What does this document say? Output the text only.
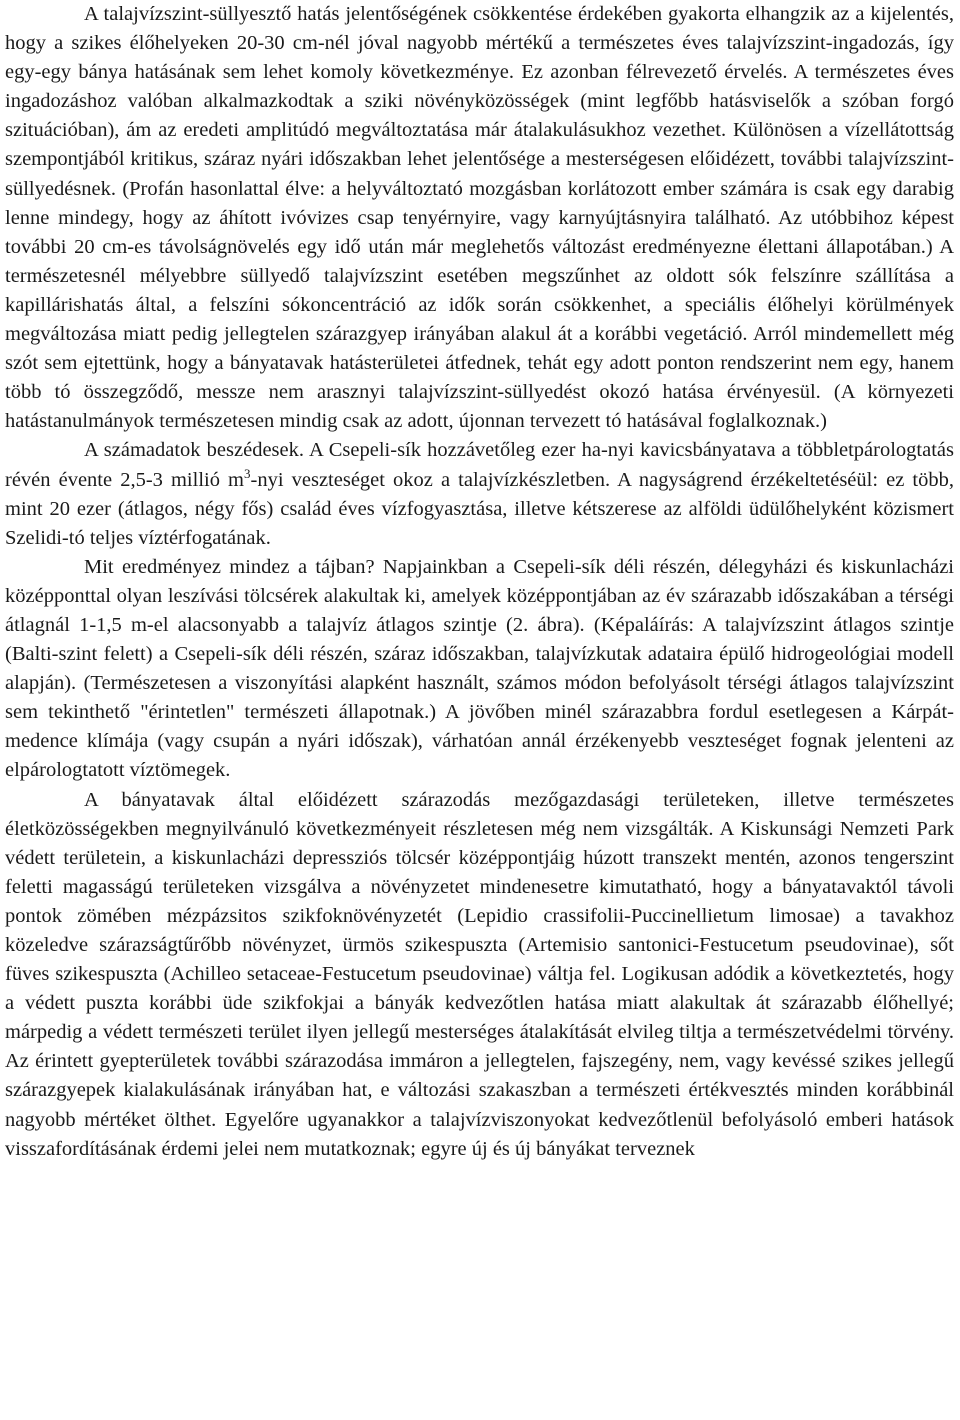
A talajvízszint-süllyesztő hatás jelentőségének csökkentése érdekében gyakorta elhangzik az a kijelentés, hogy a szikes élőhelyeken 20-30 cm-nél jóval nagyobb mértékű a természetes éves talajvízszint-ingadozás, így egy-egy bánya hatásának sem lehet komoly következménye. Ez azonban félrevezető érvelés. A természetes éves ingadozáshoz valóban alkalmazkodtak a sziki növényközösségek (mint legfőbb hatásviselők a szóban forgó szituációban), ám az eredeti amplitúdó megváltoztatása már átalakulásukhoz vezethet. Különösen a vízellátottság szempontjából kritikus, száraz nyári időszakban lehet jelentősége a mesterségesen előidézett, további talajvízszint-süllyedésnek. (Profán hasonlattal élve: a helyváltoztató mozgásban korlátozott ember számára is csak egy darabig lenne mindegy, hogy az áhított ivóvizes csap tenyérnyire, vagy karnyújtásnyira található. Az utóbbihoz képest további 20 cm-es távolságnövelés egy idő után már meglehetős változást eredményezne élettani állapotában.) A természetesnél mélyebbre süllyedő talajvízszint esetében megszűnhet az oldott sók felszínre szállítása a kapillárishatás által, a felszíni sókoncentráció az idők során csökkenhet, a speciális élőhelyi körülmények megváltozása miatt pedig jellegtelen szárazgyep irányában alakul át a korábbi vegetáció. Arról mindemellett még szót sem ejtettünk, hogy a bányatavak hatásterületei átfednek, tehát egy adott ponton rendszerint nem egy, hanem több tó összegződő, messze nem arasznyi talajvízszint-süllyedést okozó hatása érvényesül. (A környezeti hatástanulmányok természetesen mindig csak az adott, újonnan tervezett tó hatásával foglalkoznak.)

A számadatok beszédesek. A Csepeli-sík hozzávetőleg ezer ha-nyi kavicsbányatava a többletpárologtatás révén évente 2,5-3 millió $m^3$-nyi veszteséget okoz a talajvízkészletben. A nagyságrend érzékeltetéséül: ez több, mint 20 ezer (átlagos, négy fős) család éves vízfogyasztása, illetve kétszerese az alföldi üdülőhelyként közismert Szelidi-tó teljes víztérfogatának.

Mit eredményez mindez a tájban? Napjainkban a Csepeli-sík déli részén, délegyházi és kiskunlacházi középponttal olyan leszívási tölcsérek alakultak ki, amelyek középpontjában az év szárazabb időszakában a térségi átlagnál 1-1,5 m-el alacsonyabb a talajvíz átlagos szintje (2. ábra). (Képaláírás: A talajvízszint átlagos szintje (Balti-szint felett) a Csepeli-sík déli részén, száraz időszakban, talajvízkutak adataira épülő hidrogeológiai modell alapján). (Természetesen a viszonyítási alapként használt, számos módon befolyásolt térségi átlagos talajvízszint sem tekinthető "érintetlen" természeti állapotnak.) A jövőben minél szárazabbra fordul esetlegesen a Kárpát-medence klímája (vagy csupán a nyári időszak), várhatóan annál érzékenyebb veszteséget fognak jelenteni az elpárologtatott víztömegek.

A bányatavak által előidézett szárazodás mezőgazdasági területeken, illetve természetes életközösségekben megnyilvánuló következményeit részletesen még nem vizsgálták. A Kiskunsági Nemzeti Park védett területein, a kiskunlacházi depressziós tölcsér középpontjáig húzott transzekt mentén, azonos tengerszint feletti magasságú területeken vizsgálva a növényzetet mindenesetre kimutatható, hogy a bányatavaktól távoli pontok zömében mézpázsitos szikfoknövényzetét (Lepidio crassifolii-Puccinellietum limosae) a tavakhoz közeledve szárazságtűrőbb növényzet, ürmös szikespuszta (Artemisio santonici-Festucetum pseudovinae), sőt füves szikespuszta (Achilleo setaceae-Festucetum pseudovinae) váltja fel. Logikusan adódik a következtetés, hogy a védett puszta korábbi üde szikfokjai a bányák kedvezőtlen hatása miatt alakultak át szárazabb élőhellyé; márpedig a védett természeti terület ilyen jellegű mesterséges átalakítását elvileg tiltja a természetvédelmi törvény. Az érintett gyepterületek további szárazodása immáron a jellegtelen, fajszegény, nem, vagy kevéssé szikes jellegű szárazgyepek kialakulásának irányában hat, e változási szakaszban a természeti értékvesztés minden korábbinál nagyobb mértéket ölthet. Egyelőre ugyanakkor a talajvízviszonyokat kedvezőtlenül befolyásoló emberi hatások visszafordításának érdemi jelei nem mutatkoznak; egyre új és új bányákat terveznek
